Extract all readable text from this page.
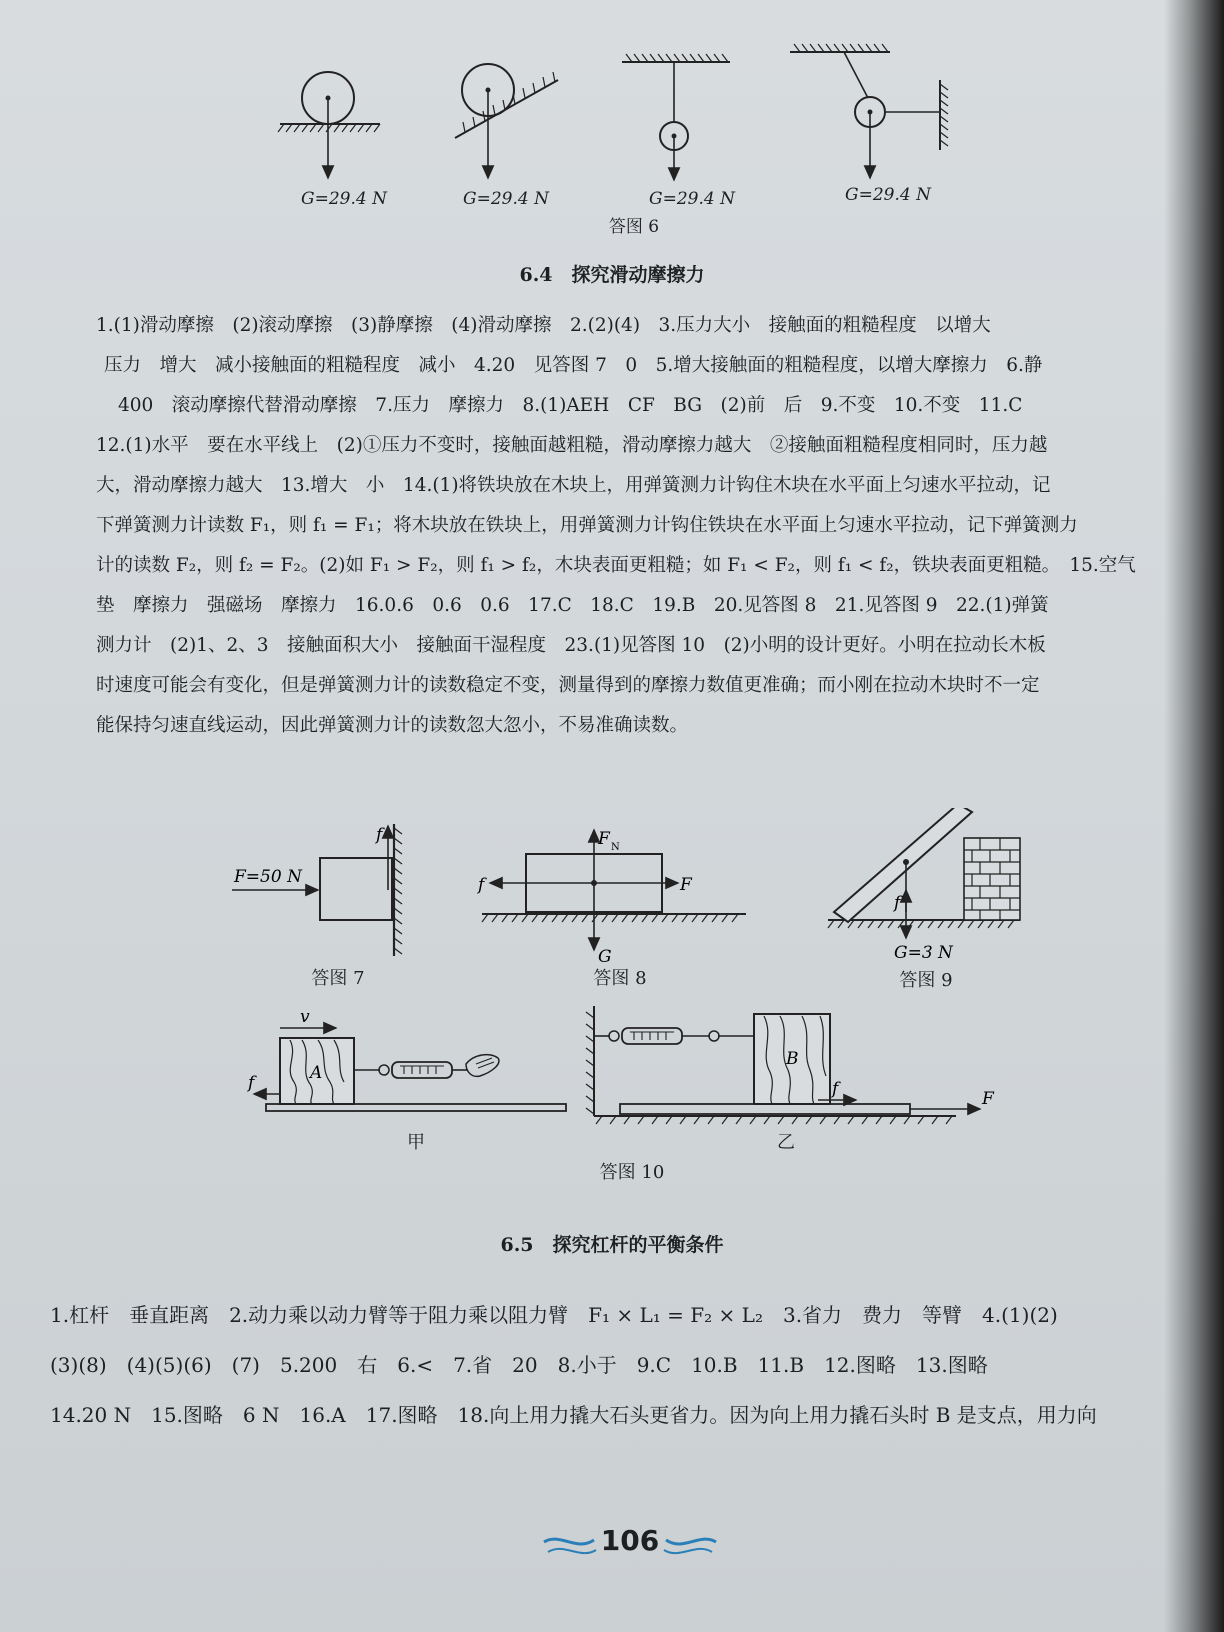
G=29.4 N	G=29.4 N	G=29.4 N	G=29.4 N
答图 6
6.4　探究滑动摩擦力
1.(1)滑动摩擦　(2)滚动摩擦　(3)静摩擦　(4)滑动摩擦　2.(2)(4)　3.压力大小　接触面的粗糙程度　以增大
压力　增大　减小接触面的粗糙程度　减小　4.20　见答图 7　0　5.增大接触面的粗糙程度，以增大摩擦力　6.静
400　滚动摩擦代替滑动摩擦　7.压力　摩擦力　8.(1)AEH　CF　BG　(2)前　后　9.不变　10.不变　11.C
12.(1)水平　要在水平线上　(2)①压力不变时，接触面越粗糙，滑动摩擦力越大　②接触面粗糙程度相同时，压力越
大，滑动摩擦力越大　13.增大　小　14.(1)将铁块放在木块上，用弹簧测力计钩住木块在水平面上匀速水平拉动，记
下弹簧测力计读数 F₁，则 f₁ = F₁；将木块放在铁块上，用弹簧测力计钩住铁块在水平面上匀速水平拉动，记下弹簧测力
计的读数 F₂，则 f₂ = F₂。(2)如 F₁ > F₂，则 f₁ > f₂，木块表面更粗糙；如 F₁ < F₂，则 f₁ < f₂，铁块表面更粗糙。　15.空气
垫　摩擦力　强磁场　摩擦力　16.0.6　0.6　0.6　17.C　18.C　19.B　20.见答图 8　21.见答图 9　22.(1)弹簧
测力计　(2)1、2、3　接触面积大小　接触面干湿程度　23.(1)见答图 10　(2)小明的设计更好。小明在拉动长木板
时速度可能会有变化，但是弹簧测力计的读数稳定不变，测量得到的摩擦力数值更准确；而小刚在拉动木块时不一定
能保持匀速直线运动，因此弹簧测力计的读数忽大忽小，不易准确读数。
F=50 N
f
答图 7
F N
f	F
G
答图 8
f
G=3 N
答图 9
v
f	A
B
f	F
甲	乙
答图 10
6.5　探究杠杆的平衡条件
1.杠杆　垂直距离　2.动力乘以动力臂等于阻力乘以阻力臂　F₁ × L₁ = F₂ × L₂　3.省力　费力　等臂　4.(1)(2)
(3)(8)　(4)(5)(6)　(7)　5.200　右　6.<　7.省　20　8.小于　9.C　10.B　11.B　12.图略　13.图略
14.20 N　15.图略　6 N　16.A　17.图略　18.向上用力撬大石头更省力。因为向上用力撬石头时 B 是支点，用力向
106
